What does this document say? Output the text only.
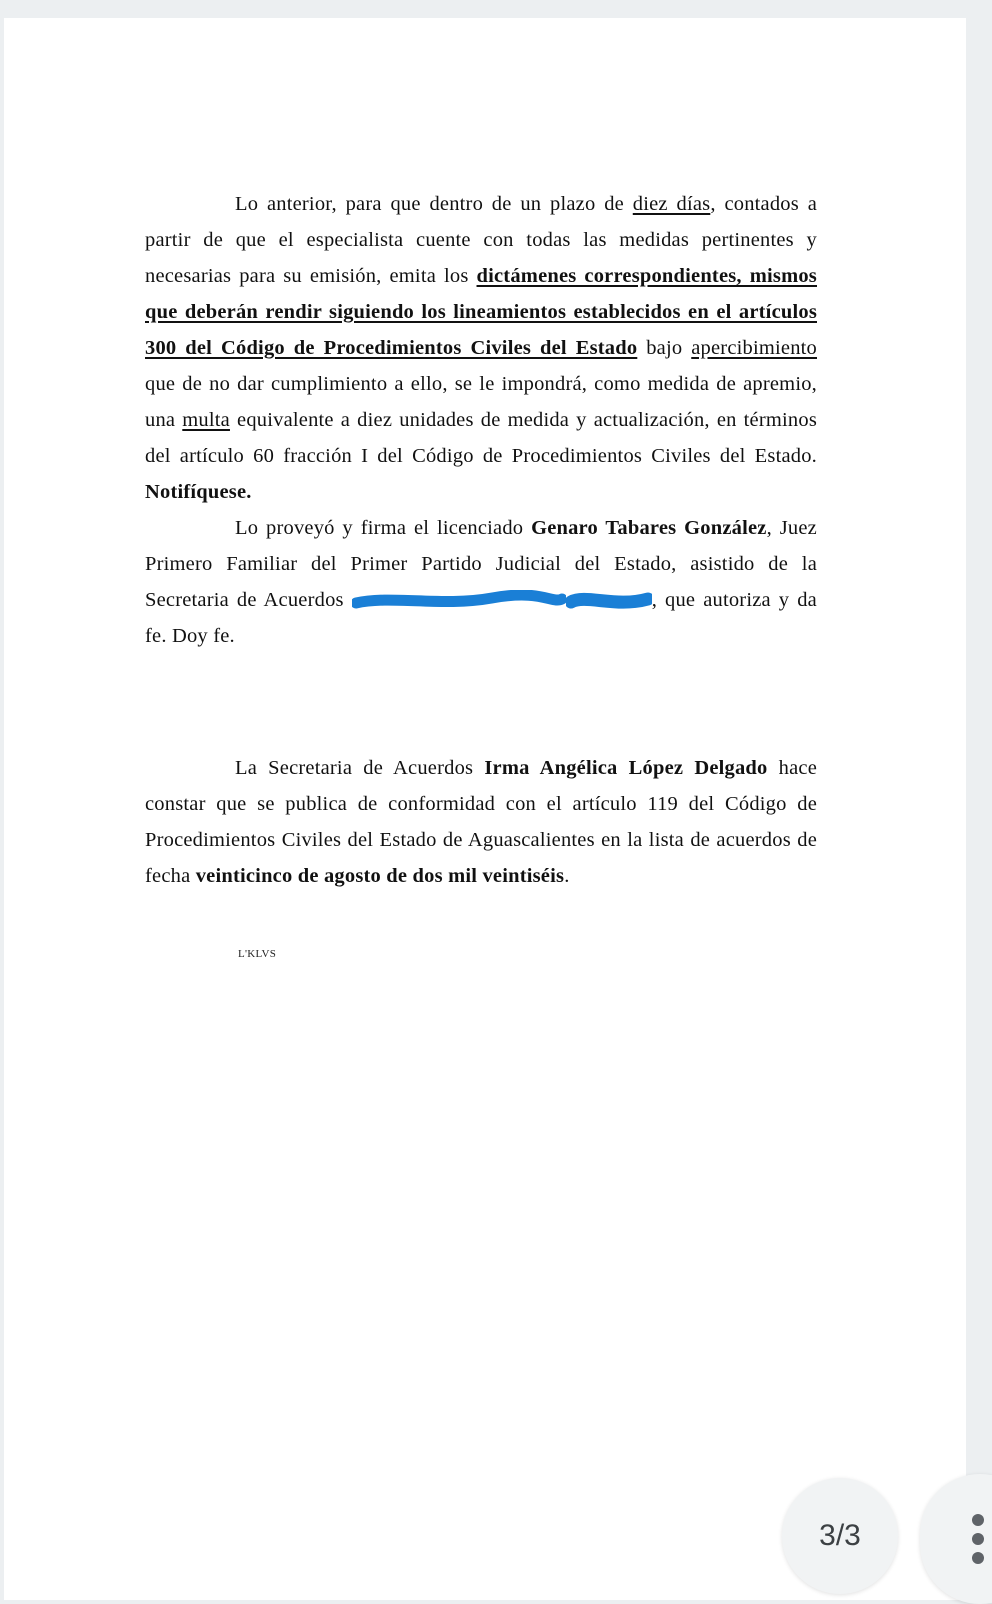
Lo anterior, para que dentro de un plazo de diez días, contados a partir de que el especialista cuente con todas las medidas pertinentes y necesarias para su emisión, emita los dictámenes correspondientes, mismos que deberán rendir siguiendo los lineamientos establecidos en el artículos 300 del Código de Procedimientos Civiles del Estado bajo apercibimiento que de no dar cumplimiento a ello, se le impondrá, como medida de apremio, una multa equivalente a diez unidades de medida y actualización, en términos del artículo 60 fracción I del Código de Procedimientos Civiles del Estado. Notifíquese.

Lo proveyó y firma el licenciado Genaro Tabares González, Juez Primero Familiar del Primer Partido Judicial del Estado, asistido de la Secretaria de Acuerdos	, que autoriza y da fe. Doy fe.

La Secretaria de Acuerdos Irma Angélica López Delgado hace constar que se publica de conformidad con el artículo 119 del Código de Procedimientos Civiles del Estado de Aguascalientes en la lista de acuerdos de fecha veinticinco de agosto de dos mil veintiséis.

L'KLVS
3/3
